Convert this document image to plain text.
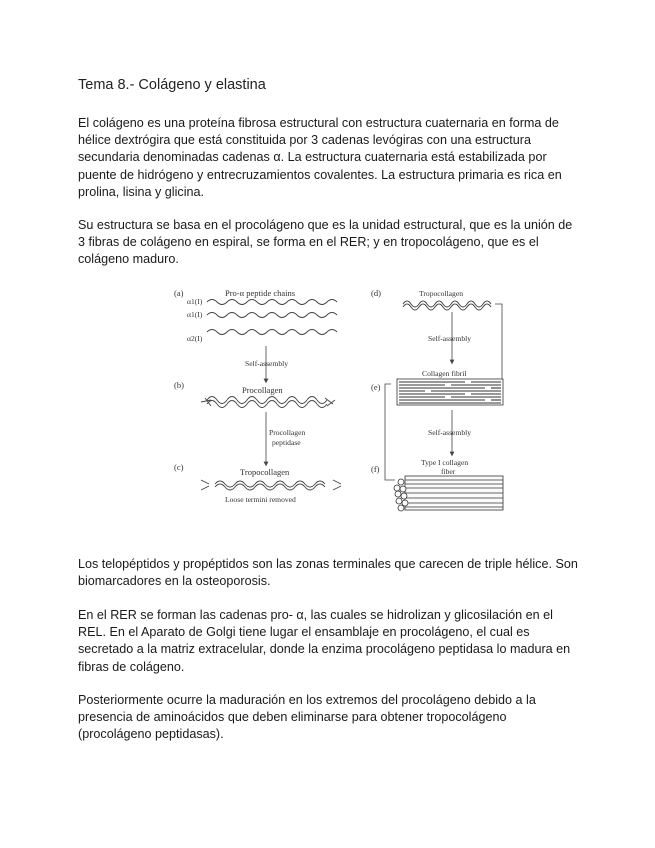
Tema 8.- Colágeno y elastina
El colágeno es una proteína fibrosa estructural con estructura cuaternaria en forma de hélice dextrógira que está constituida por 3 cadenas levógiras con una estructura secundaria denominadas cadenas α. La estructura cuaternaria está estabilizada por puente de hidrógeno y entrecruzamientos covalentes. La estructura primaria es rica en prolina, lisina y glicina.
Su estructura se basa en el procolágeno que es la unidad estructural, que es la unión de 3 fibras de colágeno en espiral, se forma en el RER; y en tropocolágeno, que es el colágeno maduro.
(a)	Pro-α peptide chains
α1(I)
α1(I)
α2(I)
Self-assembly
(b)	Procollagen
Procollagen
peptidase
(c)	Tropocollagen
Loose termini removed
(d)	Tropocollagen
Self-assembly
Collagen fibril
(e)
Self-assembly
Type I collagen
fiber
(f)
Los telopéptidos y propéptidos son las zonas terminales que carecen de triple hélice. Son biomarcadores en la osteoporosis.
En el RER se forman las cadenas pro- α, las cuales se hidrolizan y glicosilación en el REL. En el Aparato de Golgi tiene lugar el ensamblaje en procolágeno, el cual es secretado a la matriz extracelular, donde la enzima procolágeno peptidasa lo madura en fibras de colágeno.
Posteriormente ocurre la maduración en los extremos del procolágeno debido a la presencia de aminoácidos que deben eliminarse para obtener tropocolágeno (procolágeno peptidasas).
